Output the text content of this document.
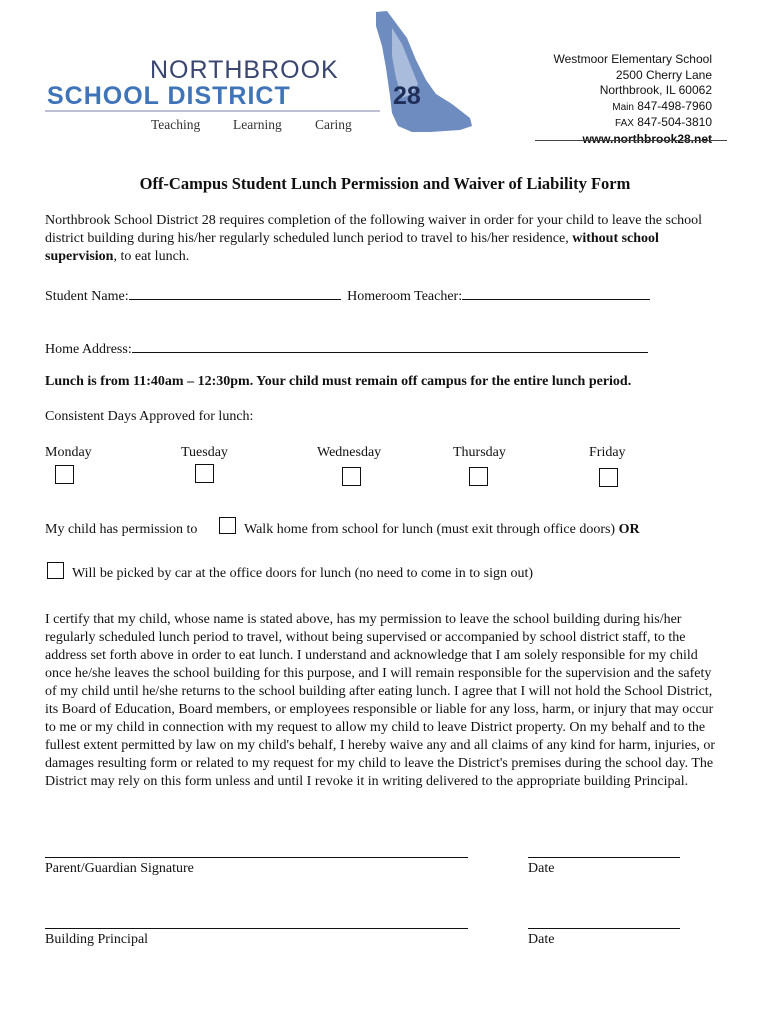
NORTHBROOK
SCHOOL DISTRICT	28
Teaching Learning Caring
Westmoor Elementary School
2500 Cherry Lane
Northbrook, IL 60062
Main 847-498-7960
FAX 847-504-3810
www.northbrook28.net
Off-Campus Student Lunch Permission and Waiver of Liability Form
Northbrook School District 28 requires completion of the following waiver in order for your child to leave the school district building during his/her regularly scheduled lunch period to travel to his/her residence, without school supervision, to eat lunch.
Student Name:	Homeroom Teacher:
Home Address:
Lunch is from 11:40am – 12:30pm. Your child must remain off campus for the entire lunch period.
Consistent Days Approved for lunch:
Monday	Tuesday	Wednesday	Thursday	Friday
My child has permission to	Walk home from school for lunch (must exit through office doors) OR
Will be picked by car at the office doors for lunch (no need to come in to sign out)
I certify that my child, whose name is stated above, has my permission to leave the school building during his/her regularly scheduled lunch period to travel, without being supervised or accompanied by school district staff, to the address set forth above in order to eat lunch. I understand and acknowledge that I am solely responsible for my child once he/she leaves the school building for this purpose, and I will remain responsible for the supervision and the safety of my child until he/she returns to the school building after eating lunch. I agree that I will not hold the School District, its Board of Education, Board members, or employees responsible or liable for any loss, harm, or injury that may occur to me or my child in connection with my request to allow my child to leave District property. On my behalf and to the fullest extent permitted by law on my child's behalf, I hereby waive any and all claims of any kind for harm, injuries, or damages resulting form or related to my request for my child to leave the District's premises during the school day. The District may rely on this form unless and until I revoke it in writing delivered to the appropriate building Principal.
Parent/Guardian Signature	Date
Building Principal	Date
